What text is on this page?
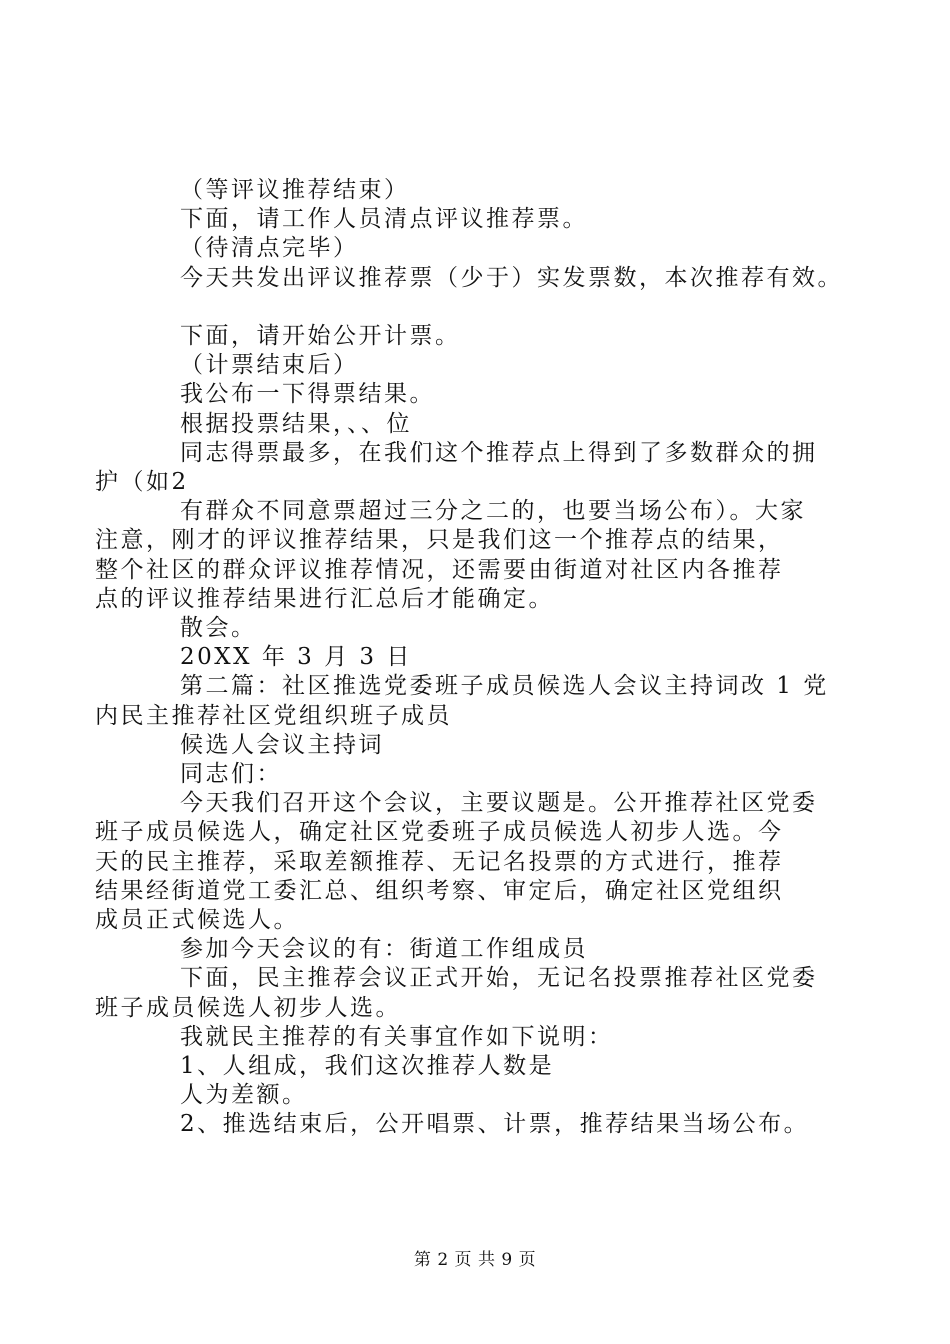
（等评议推荐结束）
下面，请工作人员清点评议推荐票。
（待清点完毕）
今天共发出评议推荐票（少于）实发票数，本次推荐有效。
下面，请开始公开计票。
（计票结束后）
我公布一下得票结果。
根据投票结果，、、位
同志得票最多，在我们这个推荐点上得到了多数群众的拥
护（如2
有群众不同意票超过三分之二的，也要当场公布）。大家
注意，刚才的评议推荐结果，只是我们这一个推荐点的结果，
整个社区的群众评议推荐情况，还需要由街道对社区内各推荐
点的评议推荐结果进行汇总后才能确定。
散会。
20XX 年 3 月 3 日
第二篇：社区推选党委班子成员候选人会议主持词改 1 党
内民主推荐社区党组织班子成员
候选人会议主持词
同志们：
今天我们召开这个会议，主要议题是。公开推荐社区党委
班子成员候选人，确定社区党委班子成员候选人初步人选。今
天的民主推荐，采取差额推荐、无记名投票的方式进行，推荐
结果经街道党工委汇总、组织考察、审定后，确定社区党组织
成员正式候选人。
参加今天会议的有：街道工作组成员
下面，民主推荐会议正式开始，无记名投票推荐社区党委
班子成员候选人初步人选。
我就民主推荐的有关事宜作如下说明：
1、人组成，我们这次推荐人数是
人为差额。
2、推选结束后，公开唱票、计票，推荐结果当场公布。
第 2 页 共 9 页
